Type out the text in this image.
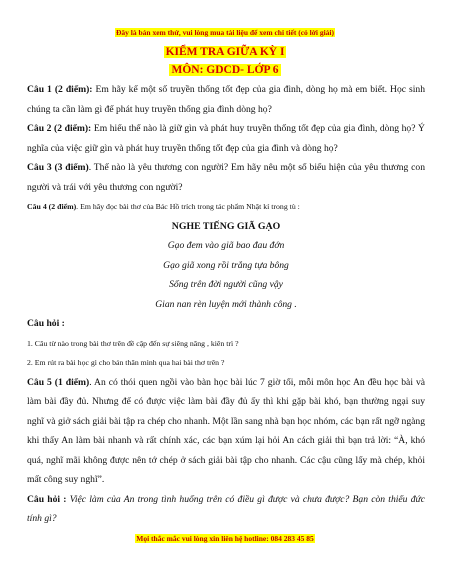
Đây là bản xem thử, vui lòng mua tài liệu để xem chi tiết (có lời giải)
KIỂM TRA GIỮA KỲ I
MÔN: GDCD- LỚP 6

Câu 1 (2 điểm): Em hãy kể một số truyền thống tốt đẹp của gia đình, dòng họ mà em biết. Học sinh chúng ta cần làm gì để phát huy truyền thống gia đình dòng họ?

Câu 2 (2 điểm): Em hiểu thế nào là giữ gìn và phát huy truyền thống tốt đẹp của gia đình, dòng họ? Ý nghĩa của việc giữ gìn và phát huy truyền thống tốt đẹp của gia đình và dòng họ?

Câu 3 (3 điểm). Thế nào là yêu thương con người? Em hãy nêu một số biểu hiện của yêu thương con người và trái với yêu thương con người?

Câu 4 (2 điểm). Em hãy đọc bài thơ của Bác Hồ trích trong tác phẩm Nhật kí trong tù :

NGHE TIẾNG GIÃ GẠO

Gạo đem vào giã bao đau đớn

Gạo giã xong rồi trắng tựa bông

Sống trên đời người cũng vậy

Gian nan rèn luyện mới thành công .

Câu hỏi :

1. Câu từ nào trong bài thơ trên đề cập đến sự siêng năng , kiên trì ?

2. Em rút ra bài học gì cho bản thân mình qua hai bài thơ trên ?

Câu 5 (1 điểm). An có thói quen ngồi vào bàn học bài lúc 7 giờ tối, mỗi môn học An đều học bài và làm bài đầy đủ. Nhưng để có được việc làm bài đầy đủ ấy thì khi gặp bài khó, bạn thường ngại suy nghĩ và giở sách giải bài tập ra chép cho nhanh. Một lần sang nhà bạn học nhóm, các bạn rất ngỡ ngàng khi thấy An làm bài nhanh và rất chính xác, các bạn xúm lại hỏi An cách giải thì bạn trả lời: “À, khó quá, nghĩ mãi không được nên tớ chép ở sách giải bài tập cho nhanh. Các cậu cũng lấy mà chép, khỏi mất công suy nghĩ”.

Câu hỏi : Việc làm của An trong tình huống trên có điều gì được và chưa được? Bạn còn thiếu đức tính gì?

Mọi thắc mắc vui lòng xin liên hệ hotline: 084 283 45 85
